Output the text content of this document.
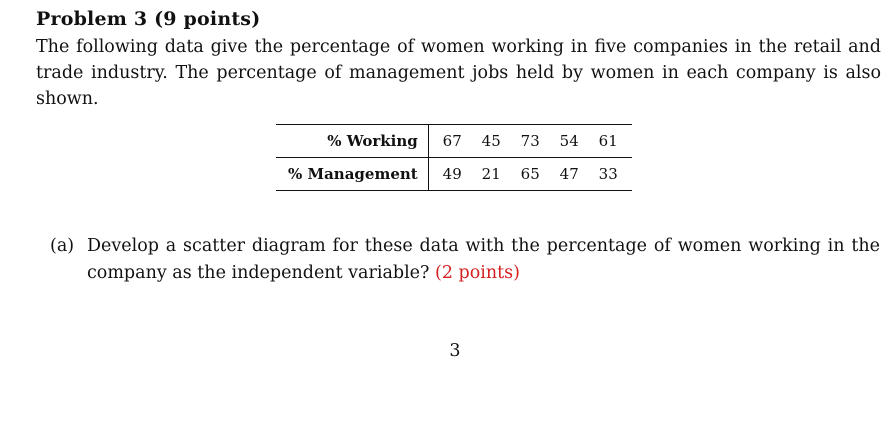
Problem 3 (9 points)
The following data give the percentage of women working in five companies in the retail and trade industry. The percentage of management jobs held by women in each company is also shown.
% Working	67	45	73	54	61
% Management	49	21	65	47	33
(a) Develop a scatter diagram for these data with the percentage of women working in the company as the independent variable? (2 points)
3
